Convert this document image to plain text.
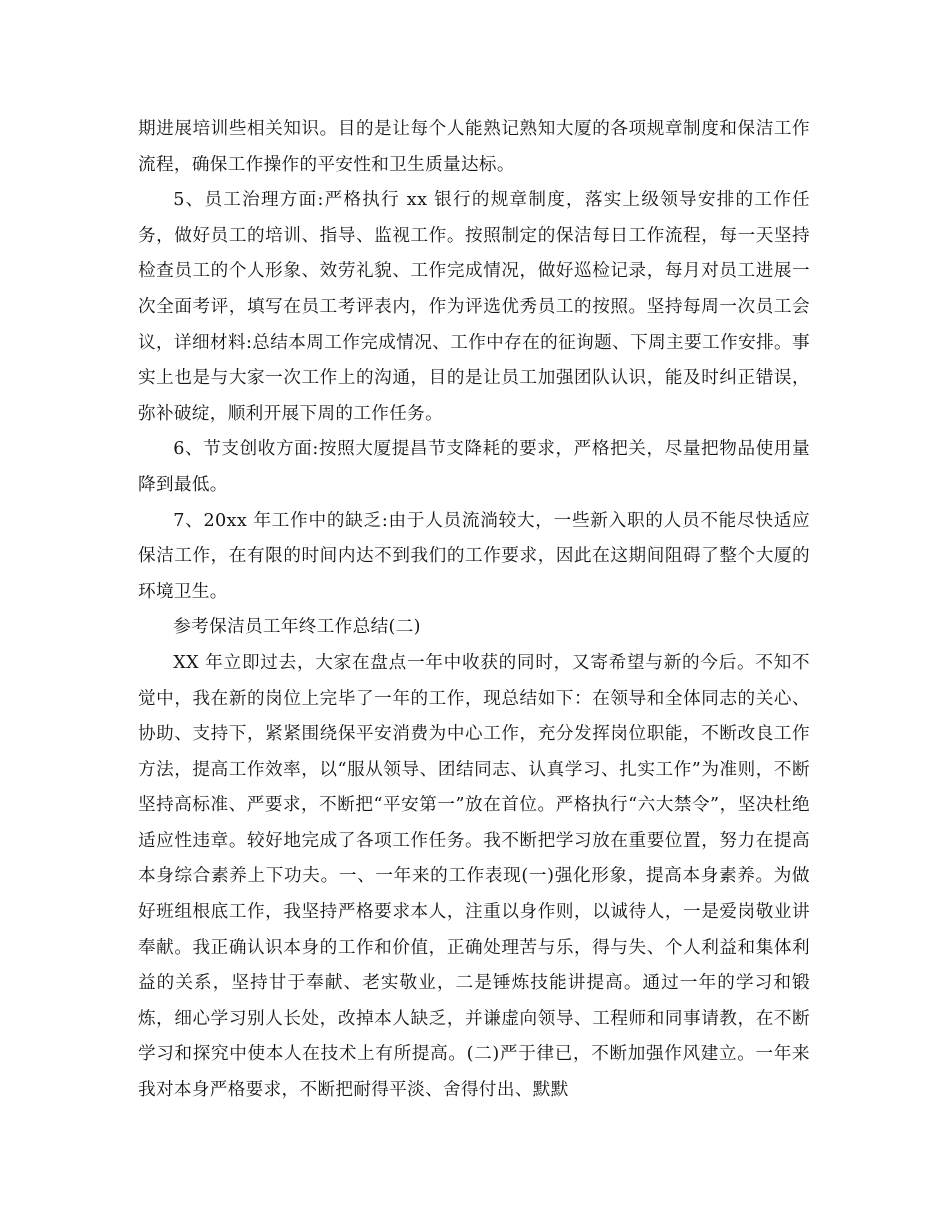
期进展培训些相关知识。目的是让每个人能熟记熟知大厦的各项规章制度和保洁工作流程，确保工作操作的平安性和卫生质量达标。

5、员工治理方面:严格执行 xx 银行的规章制度，落实上级领导安排的工作任务，做好员工的培训、指导、监视工作。按照制定的保洁每日工作流程，每一天坚持检查员工的个人形象、效劳礼貌、工作完成情况，做好巡检记录，每月对员工进展一次全面考评，填写在员工考评表内，作为评选优秀员工的按照。坚持每周一次员工会议，详细材料:总结本周工作完成情况、工作中存在的征询题、下周主要工作安排。事实上也是与大家一次工作上的沟通，目的是让员工加强团队认识，能及时纠正错误，弥补破绽，顺利开展下周的工作任务。

6、节支创收方面:按照大厦提昌节支降耗的要求，严格把关，尽量把物品使用量降到最低。

7、20xx 年工作中的缺乏:由于人员流淌较大，一些新入职的人员不能尽快适应保洁工作，在有限的时间内达不到我们的工作要求，因此在这期间阻碍了整个大厦的环境卫生。

参考保洁员工年终工作总结(二)

XX 年立即过去，大家在盘点一年中收获的同时，又寄希望与新的今后。不知不觉中，我在新的岗位上完毕了一年的工作，现总结如下：在领导和全体同志的关心、协助、支持下，紧紧围绕保平安消费为中心工作，充分发挥岗位职能，不断改良工作方法，提高工作效率，以“服从领导、团结同志、认真学习、扎实工作”为准则，不断坚持高标准、严要求，不断把“平安第一”放在首位。严格执行“六大禁令”，坚决杜绝适应性违章。较好地完成了各项工作任务。我不断把学习放在重要位置，努力在提高本身综合素养上下功夫。一、一年来的工作表现(一)强化形象，提高本身素养。为做好班组根底工作，我坚持严格要求本人，注重以身作则，以诚待人，一是爱岗敬业讲奉献。我正确认识本身的工作和价值，正确处理苦与乐，得与失、个人利益和集体利益的关系，坚持甘于奉献、老实敬业，二是锤炼技能讲提高。通过一年的学习和锻炼，细心学习别人长处，改掉本人缺乏，并谦虚向领导、工程师和同事请教，在不断学习和探究中使本人在技术上有所提高。(二)严于律已，不断加强作风建立。一年来我对本身严格要求，不断把耐得平淡、舍得付出、默默
